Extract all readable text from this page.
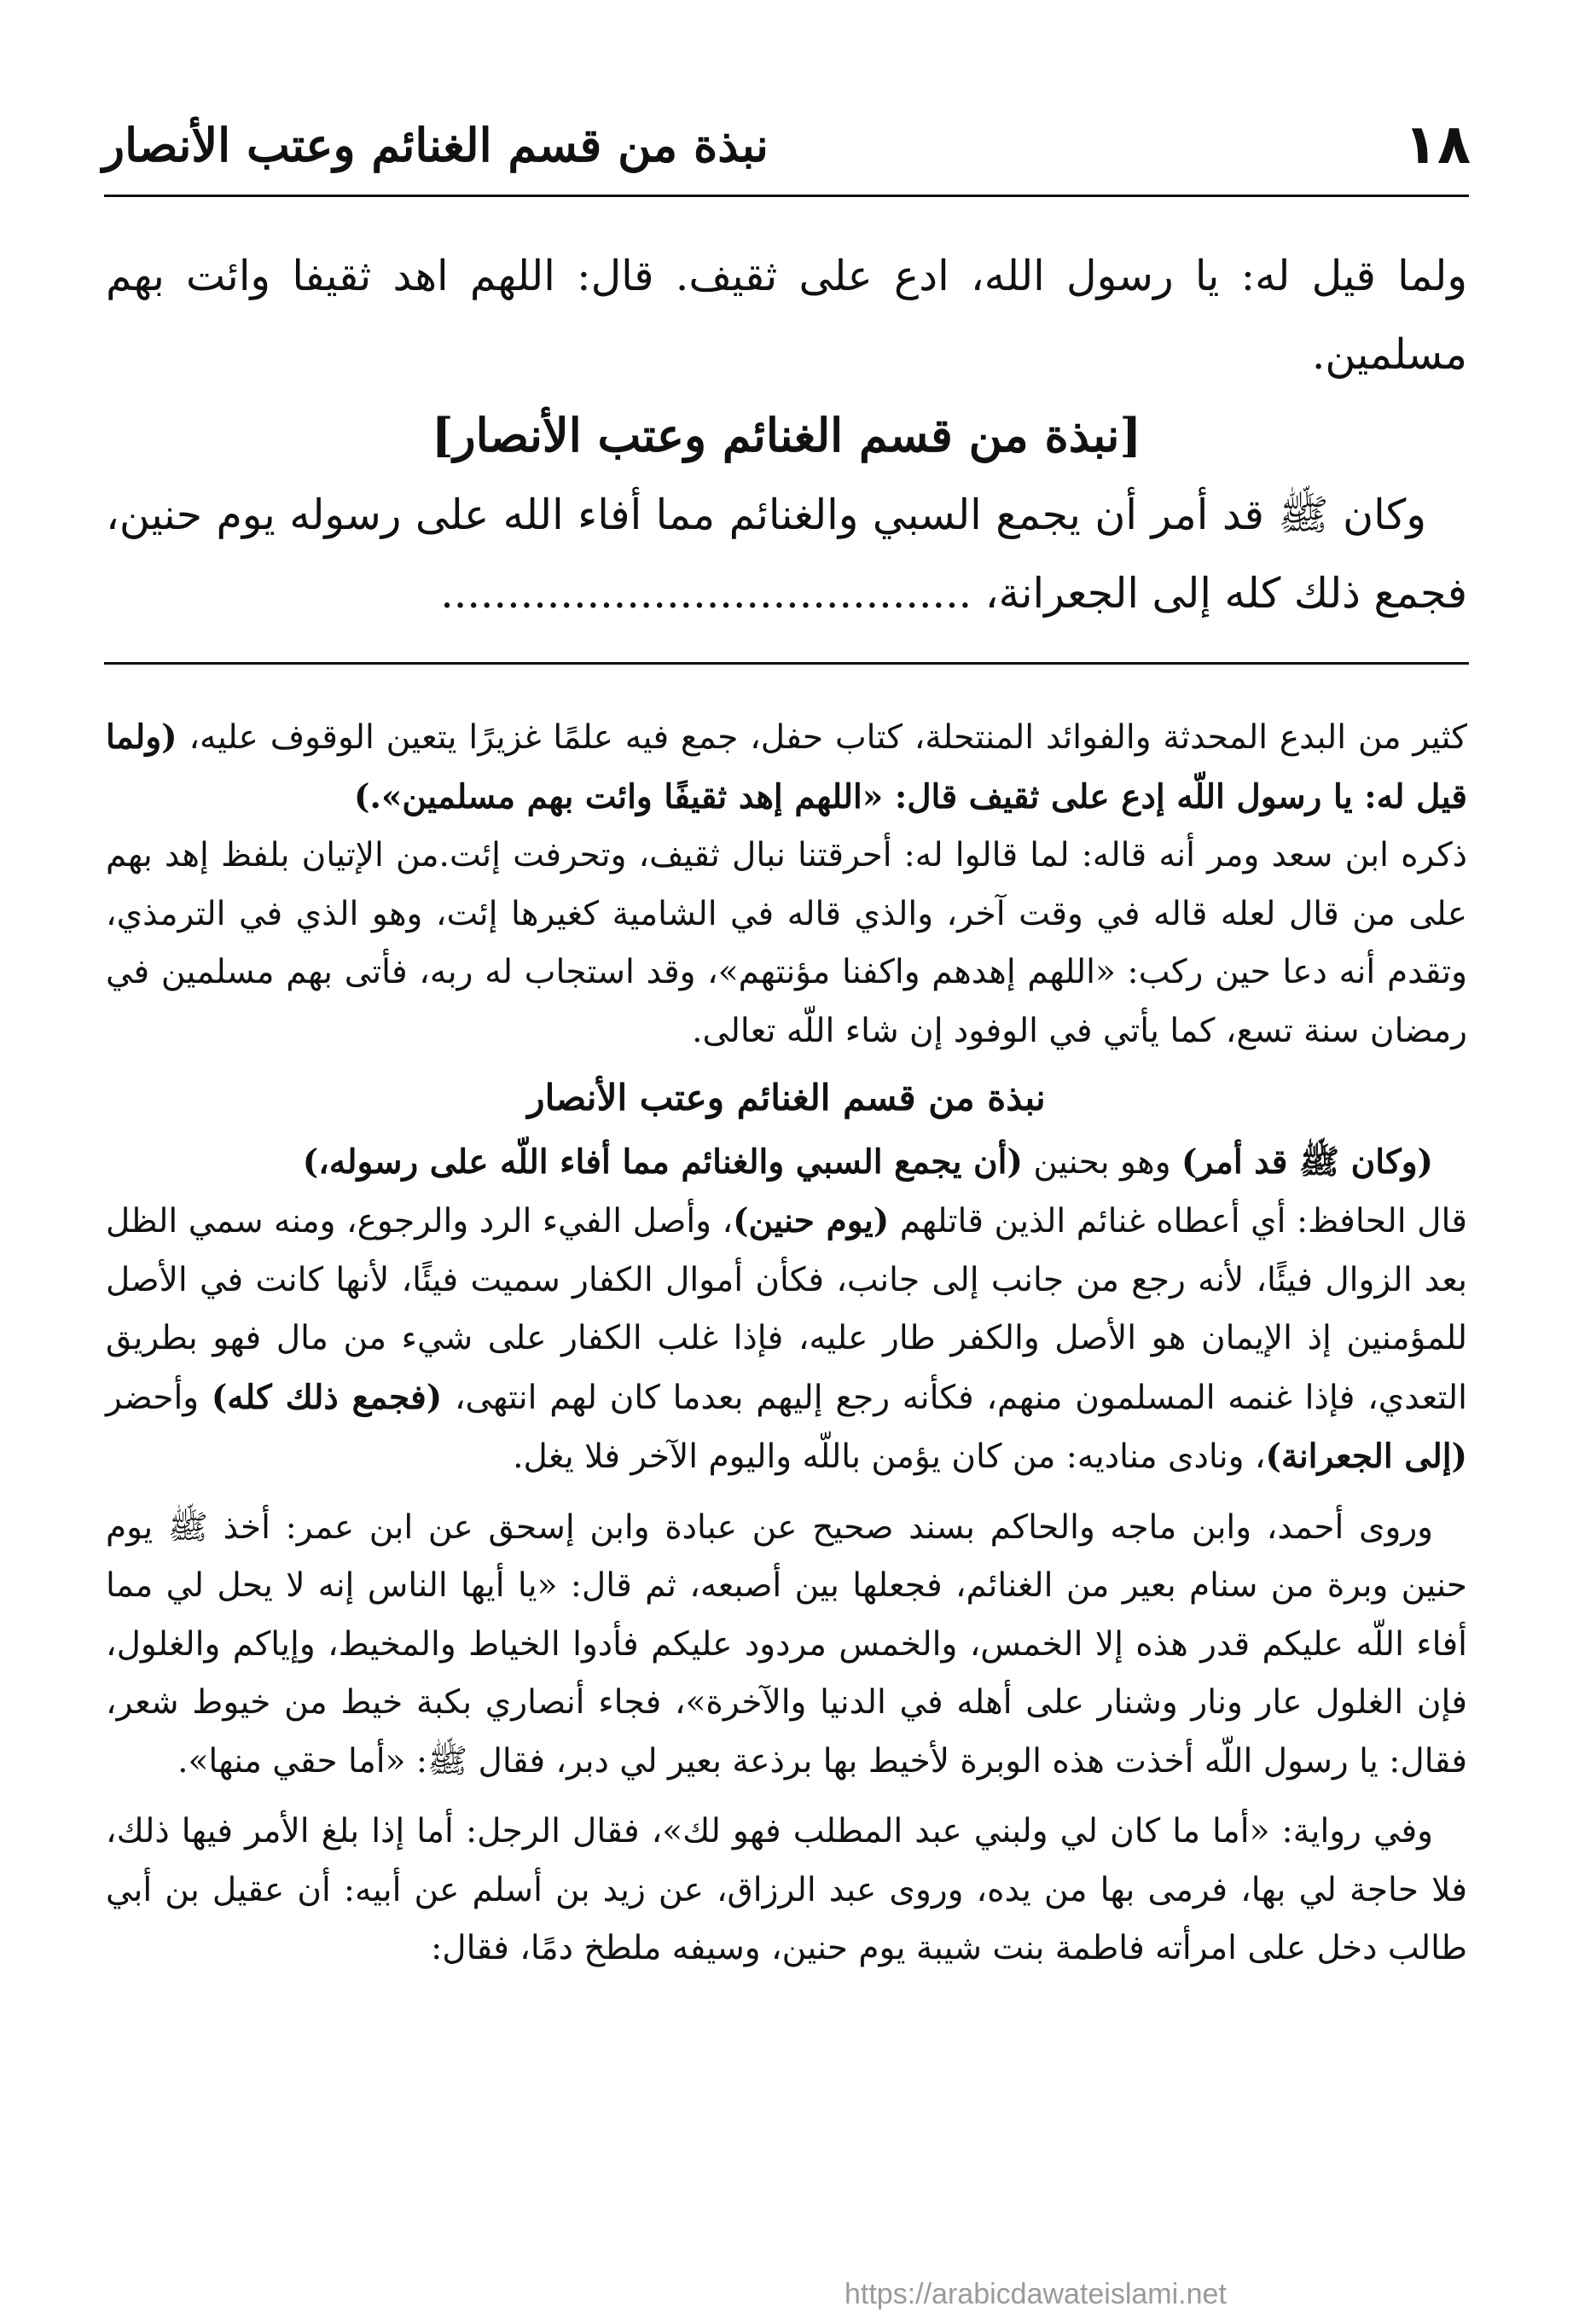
١٨
نبذة من قسم الغنائم وعتب الأنصار

ولما قيل له: يا رسول الله، ادع على ثقيف. قال: اللهم اهد ثقيفا وائت بهم مسلمين.

[نبذة من قسم الغنائم وعتب الأنصار]

وكان ﷺ قد أمر أن يجمع السبي والغنائم مما أفاء الله على رسوله يوم حنين، فجمع ذلك كله إلى الجعرانة، ........................................

كثير من البدع المحدثة والفوائد المنتحلة، كتاب حفل، جمع فيه علمًا غزيرًا يتعين الوقوف عليه، (ولما قيل له: يا رسول اللّه إدع على ثقيف قال: «اللهم إهد ثقيفًا وائت بهم مسلمين».)

ذكره ابن سعد ومر أنه قاله: لما قالوا له: أحرقتنا نبال ثقيف، وتحرفت إئت.من الإتيان بلفظ إهد بهم على من قال لعله قاله في وقت آخر، والذي قاله في الشامية كغيرها إئت، وهو الذي في الترمذي، وتقدم أنه دعا حين ركب: «اللهم إهدهم واكفنا مؤنتهم»، وقد استجاب له ربه، فأتى بهم مسلمين في رمضان سنة تسع، كما يأتي في الوفود إن شاء اللّه تعالى.

نبذة من قسم الغنائم وعتب الأنصار

(وكان ﷺ قد أمر) وهو بحنين (أن يجمع السبي والغنائم مما أفاء اللّه على رسوله،)

قال الحافظ: أي أعطاه غنائم الذين قاتلهم (يوم حنين)، وأصل الفيء الرد والرجوع، ومنه سمي الظل بعد الزوال فيئًا، لأنه رجع من جانب إلى جانب، فكأن أموال الكفار سميت فيئًا، لأنها كانت في الأصل للمؤمنين إذ الإيمان هو الأصل والكفر طار عليه، فإذا غلب الكفار على شيء من مال فهو بطريق التعدي، فإذا غنمه المسلمون منهم، فكأنه رجع إليهم بعدما كان لهم انتهى، (فجمع ذلك كله) وأحضر (إلى الجعرانة)، ونادى مناديه: من كان يؤمن باللّه واليوم الآخر فلا يغل.

وروى أحمد، وابن ماجه والحاكم بسند صحيح عن عبادة وابن إسحق عن ابن عمر: أخذ ﷺ يوم حنين وبرة من سنام بعير من الغنائم، فجعلها بين أصبعه، ثم قال: «يا أيها الناس إنه لا يحل لي مما أفاء اللّه عليكم قدر هذه إلا الخمس، والخمس مردود عليكم فأدوا الخياط والمخيط، وإياكم والغلول، فإن الغلول عار ونار وشنار على أهله في الدنيا والآخرة»، فجاء أنصاري بكبة خيط من خيوط شعر، فقال: يا رسول اللّه أخذت هذه الوبرة لأخيط بها برذعة بعير لي دبر، فقال ﷺ: «أما حقي منها».

وفي رواية: «أما ما كان لي ولبني عبد المطلب فهو لك»، فقال الرجل: أما إذا بلغ الأمر فيها ذلك، فلا حاجة لي بها، فرمى بها من يده، وروى عبد الرزاق، عن زيد بن أسلم عن أبيه: أن عقيل بن أبي طالب دخل على امرأته فاطمة بنت شيبة يوم حنين، وسيفه ملطخ دمًا، فقال:

https://arabicdawateislami.net
